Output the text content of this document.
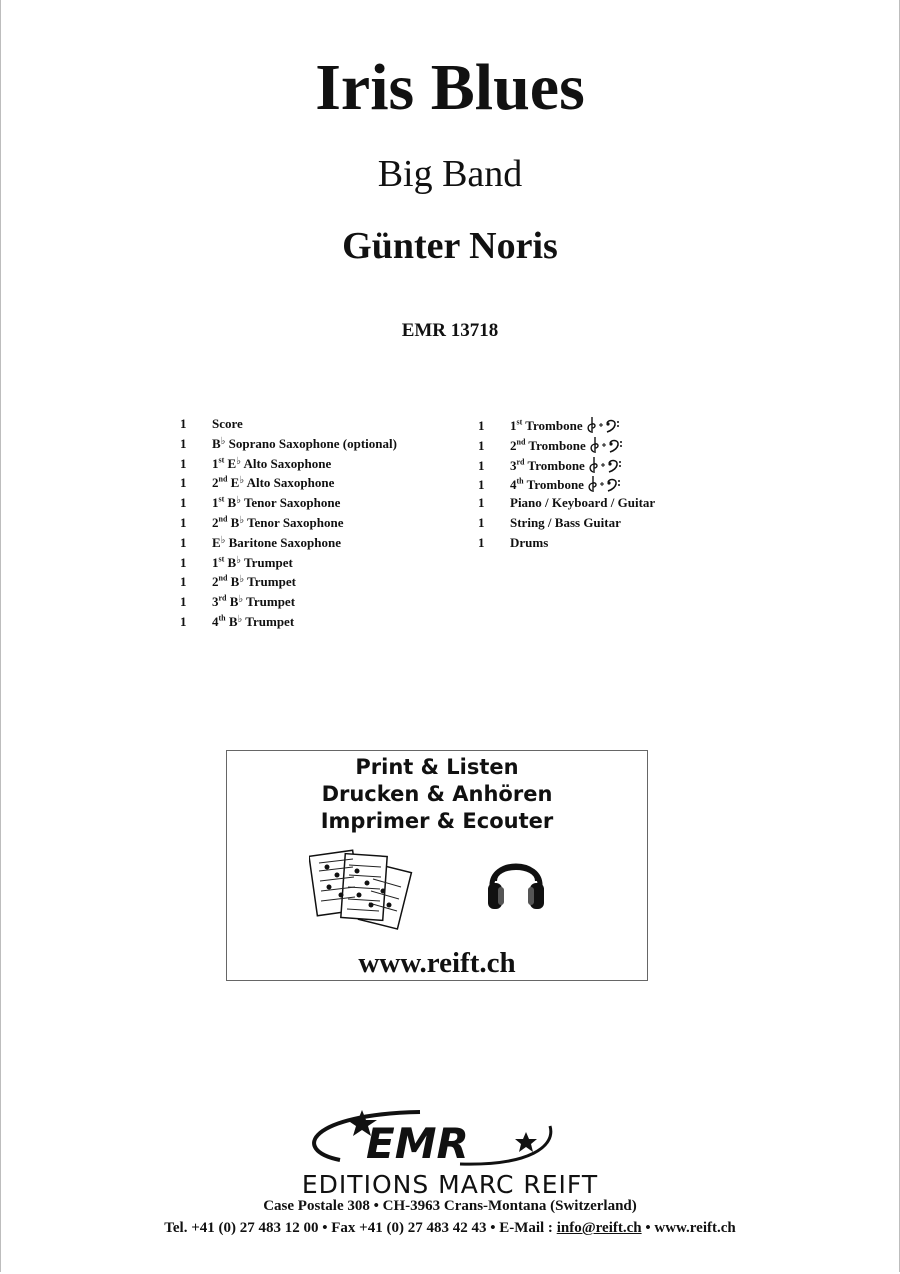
Iris Blues
Big Band
Günter Noris
EMR 13718
1 Score
1 B♭ Soprano Saxophone (optional)
1 1st E♭ Alto Saxophone
1 2nd E♭ Alto Saxophone
1 1st B♭ Tenor Saxophone
1 2nd B♭ Tenor Saxophone
1 E♭ Baritone Saxophone
1 1st B♭ Trumpet
1 2nd B♭ Trumpet
1 3rd B♭ Trumpet
1 4th B♭ Trumpet
1 1st Trombone
1 2nd Trombone
1 3rd Trombone
1 4th Trombone
1 Piano / Keyboard / Guitar
1 String / Bass Guitar
1 Drums
Print & Listen
Drucken & Anhören
Imprimer & Ecouter
www.reift.ch
EMR
EDITIONS MARC REIFT
Case Postale 308 • CH-3963 Crans-Montana (Switzerland)
Tel. +41 (0) 27 483 12 00 • Fax +41 (0) 27 483 42 43 • E-Mail : info@reift.ch • www.reift.ch
